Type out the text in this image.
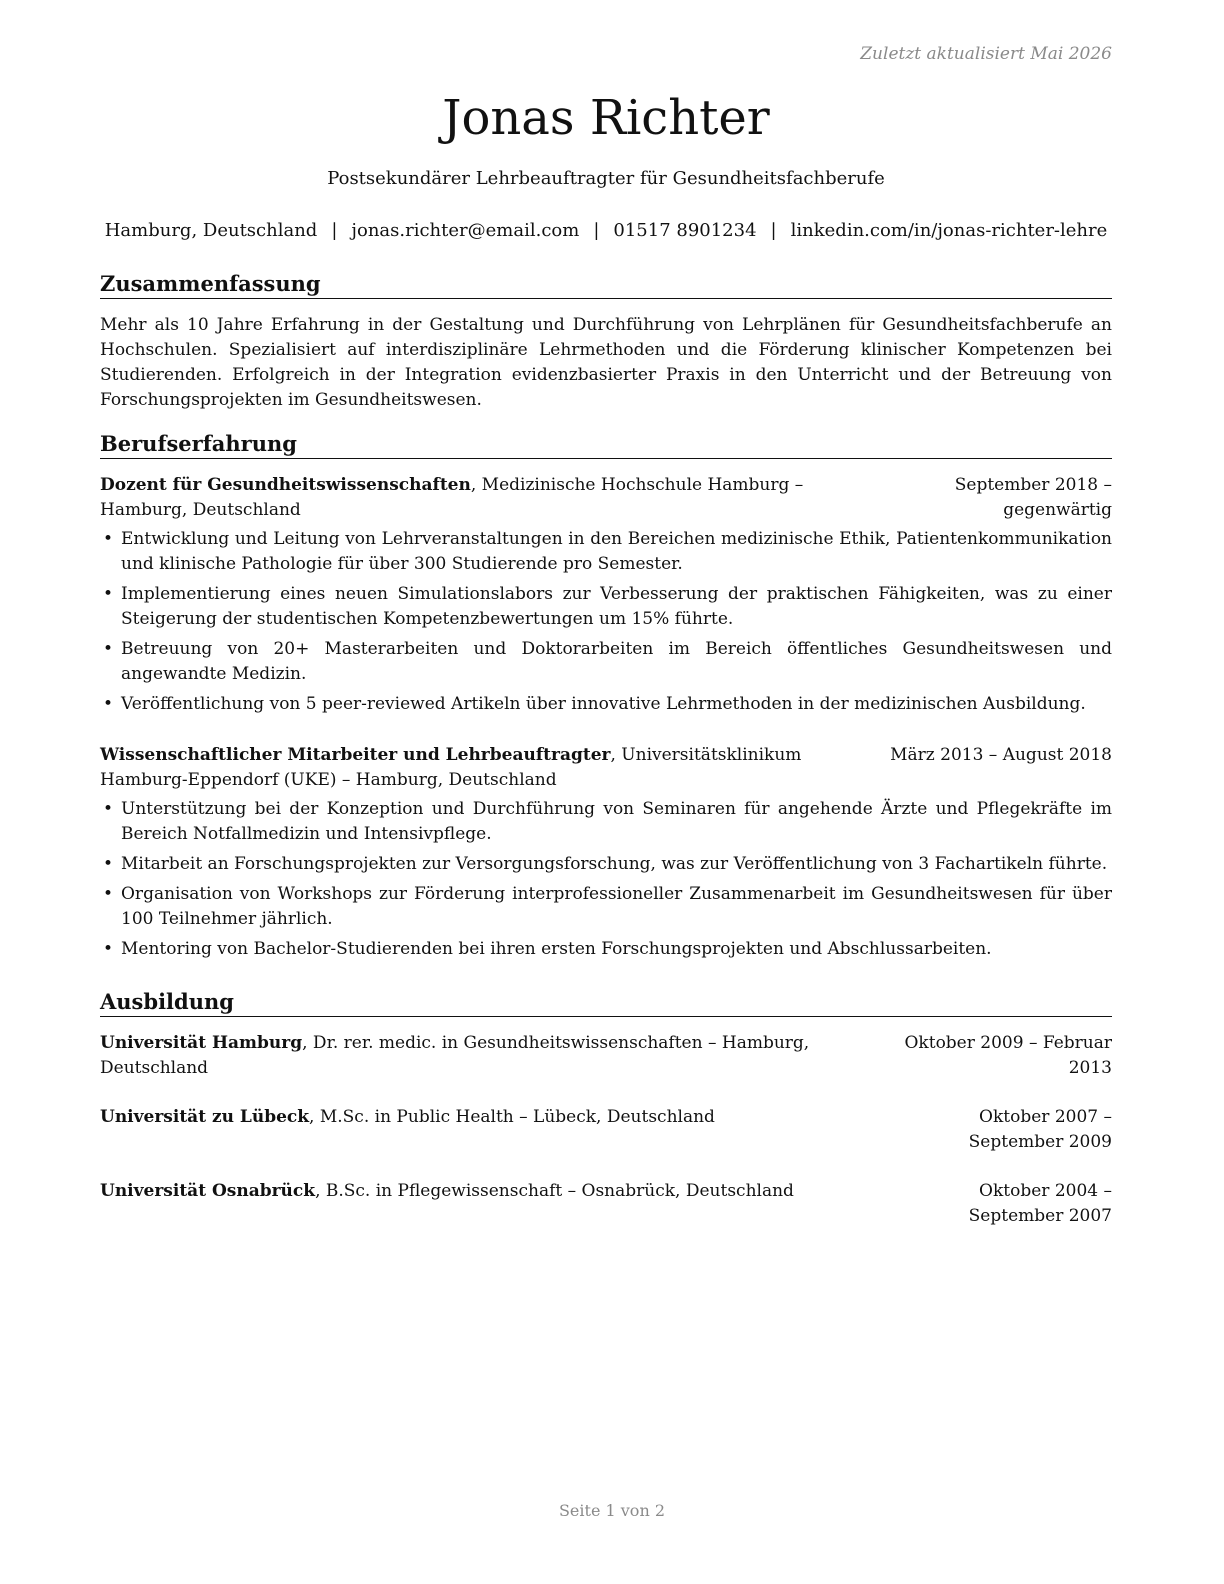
Zuletzt aktualisiert Mai 2026
Jonas Richter
Postsekundärer Lehrbeauftragter für Gesundheitsfachberufe
Hamburg, Deutschland | jonas.richter@email.com | 01517 8901234 | linkedin.com/in/jonas-richter-lehre
Zusammenfassung
Mehr als 10 Jahre Erfahrung in der Gestaltung und Durchführung von Lehrplänen für Gesundheitsfachberufe an Hochschulen. Spezialisiert auf interdisziplinäre Lehrmethoden und die Förderung klinischer Kompetenzen bei Studierenden. Erfolgreich in der Integration evidenzbasierter Praxis in den Unterricht und der Betreuung von Forschungsprojekten im Gesundheitswesen.
Berufserfahrung
Dozent für Gesundheitswissenschaften, Medizinische Hochschule Hamburg – Hamburg, Deutschland
September 2018 – gegenwärtig
• Entwicklung und Leitung von Lehrveranstaltungen in den Bereichen medizinische Ethik, Patientenkommunikation und klinische Pathologie für über 300 Studierende pro Semester.
• Implementierung eines neuen Simulationslabors zur Verbesserung der praktischen Fähigkeiten, was zu einer Steigerung der studentischen Kompetenzbewertungen um 15% führte.
• Betreuung von 20+ Masterarbeiten und Doktorarbeiten im Bereich öffentliches Gesundheitswesen und angewandte Medizin.
• Veröffentlichung von 5 peer-reviewed Artikeln über innovative Lehrmethoden in der medizinischen Ausbildung.
Wissenschaftlicher Mitarbeiter und Lehrbeauftragter, Universitätsklinikum Hamburg-Eppendorf (UKE) – Hamburg, Deutschland
März 2013 – August 2018
• Unterstützung bei der Konzeption und Durchführung von Seminaren für angehende Ärzte und Pflegekräfte im Bereich Notfallmedizin und Intensivpflege.
• Mitarbeit an Forschungsprojekten zur Versorgungsforschung, was zur Veröffentlichung von 3 Fachartikeln führte.
• Organisation von Workshops zur Förderung interprofessioneller Zusammenarbeit im Gesundheitswesen für über 100 Teilnehmer jährlich.
• Mentoring von Bachelor-Studierenden bei ihren ersten Forschungsprojekten und Abschlussarbeiten.
Ausbildung
Universität Hamburg, Dr. rer. medic. in Gesundheitswissenschaften – Hamburg, Deutschland
Oktober 2009 – Februar 2013
Universität zu Lübeck, M.Sc. in Public Health – Lübeck, Deutschland	Oktober 2007 – September 2009
Universität Osnabrück, B.Sc. in Pflegewissenschaft – Osnabrück, Deutschland	Oktober 2004 – September 2007
Seite 1 von 2
